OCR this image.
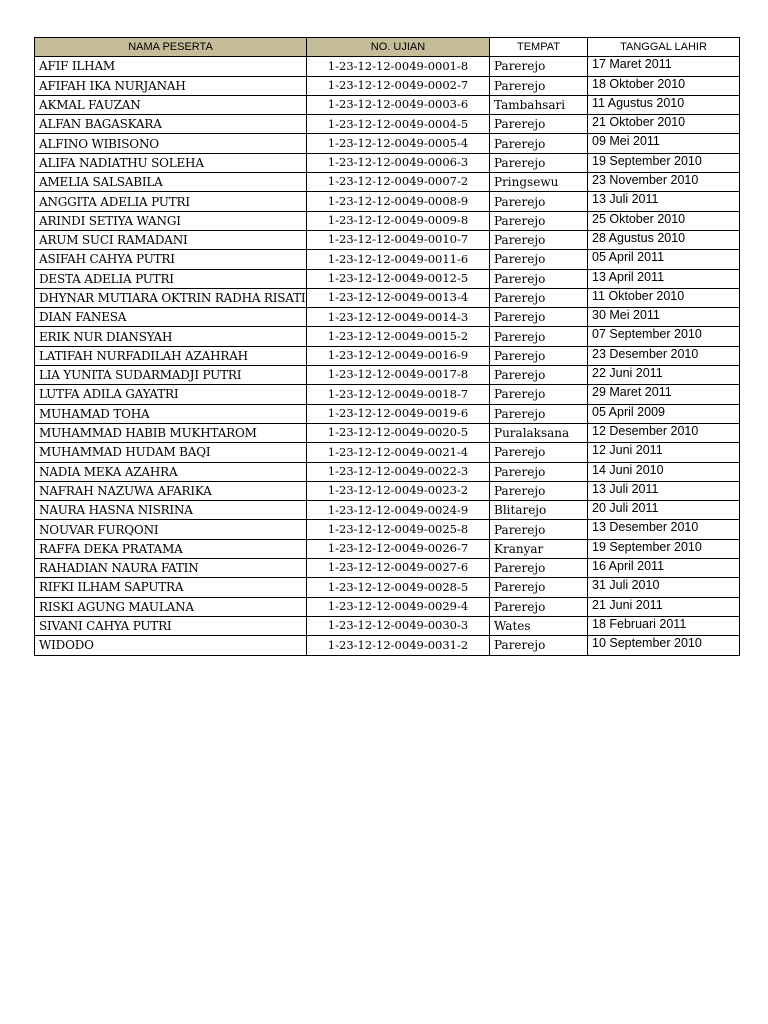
NAMA PESERTA	NO. UJIAN	TEMPAT	TANGGAL LAHIR
AFIF ILHAM	1-23-12-12-0049-0001-8	Parerejo	17 Maret 2011
AFIFAH IKA NURJANAH	1-23-12-12-0049-0002-7	Parerejo	18 Oktober 2010
AKMAL FAUZAN	1-23-12-12-0049-0003-6	Tambahsari	11 Agustus 2010
ALFAN BAGASKARA	1-23-12-12-0049-0004-5	Parerejo	21 Oktober 2010
ALFINO WIBISONO	1-23-12-12-0049-0005-4	Parerejo	09 Mei 2011
ALIFA NADIATHU SOLEHA	1-23-12-12-0049-0006-3	Parerejo	19 September 2010
AMELIA SALSABILA	1-23-12-12-0049-0007-2	Pringsewu	23 November 2010
ANGGITA ADELIA PUTRI	1-23-12-12-0049-0008-9	Parerejo	13 Juli 2011
ARINDI SETIYA WANGI	1-23-12-12-0049-0009-8	Parerejo	25 Oktober 2010
ARUM SUCI RAMADANI	1-23-12-12-0049-0010-7	Parerejo	28 Agustus 2010
ASIFAH CAHYA PUTRI	1-23-12-12-0049-0011-6	Parerejo	05 April 2011
DESTA ADELIA PUTRI	1-23-12-12-0049-0012-5	Parerejo	13 April 2011
DHYNAR MUTIARA OKTRIN RADHA RISATI	1-23-12-12-0049-0013-4	Parerejo	11 Oktober 2010
DIAN FANESA	1-23-12-12-0049-0014-3	Parerejo	30 Mei 2011
ERIK NUR DIANSYAH	1-23-12-12-0049-0015-2	Parerejo	07 September 2010
LATIFAH NURFADILAH AZAHRAH	1-23-12-12-0049-0016-9	Parerejo	23 Desember 2010
LIA YUNITA SUDARMADJI PUTRI	1-23-12-12-0049-0017-8	Parerejo	22 Juni 2011
LUTFA ADILA GAYATRI	1-23-12-12-0049-0018-7	Parerejo	29 Maret 2011
MUHAMAD TOHA	1-23-12-12-0049-0019-6	Parerejo	05 April 2009
MUHAMMAD HABIB MUKHTAROM	1-23-12-12-0049-0020-5	Puralaksana	12 Desember 2010
MUHAMMAD HUDAM BAQI	1-23-12-12-0049-0021-4	Parerejo	12 Juni 2011
NADIA MEKA AZAHRA	1-23-12-12-0049-0022-3	Parerejo	14 Juni 2010
NAFRAH NAZUWA AFARIKA	1-23-12-12-0049-0023-2	Parerejo	13 Juli 2011
NAURA HASNA NISRINA	1-23-12-12-0049-0024-9	Blitarejo	20 Juli 2011
NOUVAR FURQONI	1-23-12-12-0049-0025-8	Parerejo	13 Desember 2010
RAFFA DEKA PRATAMA	1-23-12-12-0049-0026-7	Kranyar	19 September 2010
RAHADIAN NAURA FATIN	1-23-12-12-0049-0027-6	Parerejo	16 April 2011
RIFKI ILHAM SAPUTRA	1-23-12-12-0049-0028-5	Parerejo	31 Juli 2010
RISKI AGUNG MAULANA	1-23-12-12-0049-0029-4	Parerejo	21 Juni 2011
SIVANI CAHYA PUTRI	1-23-12-12-0049-0030-3	Wates	18 Februari 2011
WIDODO	1-23-12-12-0049-0031-2	Parerejo	10 September 2010
